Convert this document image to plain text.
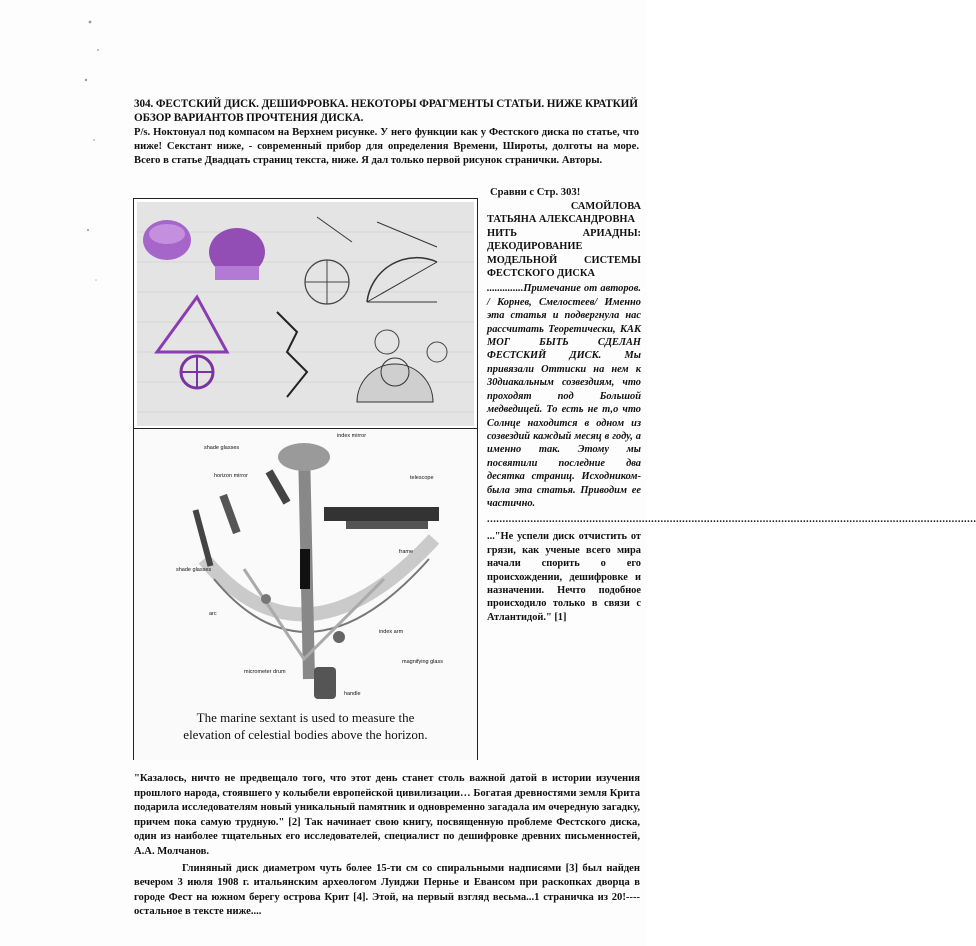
304. ФЕСТСКИЙ ДИСК. ДЕШИФРОВКА. НЕКОТОРЫ ФРАГМЕНТЫ СТАТЬИ. НИЖЕ КРАТКИЙ ОБЗОР ВАРИАНТОВ ПРОЧТЕНИЯ ДИСКА.
P/s. Ноктонуал под компасом на Верхнем рисунке. У него функции как у Фестского диска по статье, что ниже! Секстант ниже, - современный прибор для определения Времени, Широты, долготы на море. Всего в статье Двадцать страниц текста, ниже. Я дал только первой рисунок странички. Авторы.
Сравни с Стр. 303!
САМОЙЛОВА
ТАТЬЯНА АЛЕКСАНДРОВНА
НИТЬ АРИАДНЫ: ДЕКОДИРОВАНИЕ МОДЕЛЬНОЙ СИСТЕМЫ ФЕСТСКОГО ДИСКА
..............Примечание от авторов. / Корнев, Смелостеев/ Именно эта статья и подвергнула нас рассчитать Теоретически, КАК МОГ БЫТЬ СДЕЛАН ФЕСТСКИЙ ДИСК. Мы привязали Оттиски на нем к 30диакальным созвездиям, что проходят под Большой медведицей. То есть не т,о что Солнце находится в одном из созвездий каждый месяц в году, а именно так. Этому мы посвятили последние два десятка страниц. Исходником- была эта статья. Приводим ее частично.
..............................................................................................................................................................
..."Не успели диск отчистить от грязи, как ученые всего мира начали спорить о его происхождении, дешифровке и назначении. Нечто подобное происходило только в связи с Атлантидой." [1]
shade glasses
index mirror
horizon mirror	telescope
shade glasses
frame
arc
index arm
micrometer drum
magnifying glass
handle
The marine sextant is used to measure the
elevation of celestial bodies above the horizon.

"Казалось, ничто не предвещало того, что этот день станет столь важной датой в истории изучения прошлого народа, стоявшего у колыбели европейской цивилизации… Богатая древностями земля Крита подарила исследователям новый уникальный памятник и одновременно загадала им очередную загадку, причем пока самую трудную." [2] Так начинает свою книгу, посвященную проблеме Фестского диска, один из наиболее тщательных его исследователей, специалист по дешифровке древних письменностей, А.А. Молчанов.

Глиняный диск диаметром чуть более 15-ти см со спиральными надписями [3] был найден вечером 3 июля 1908 г. итальянским археологом Луиджи Пернье и Евансом при раскопках дворца в городе Фест на южном берегу острова Крит [4]. Этой, на первый взгляд весьма...1 страничка из 20!----остальное в тексте ниже....
